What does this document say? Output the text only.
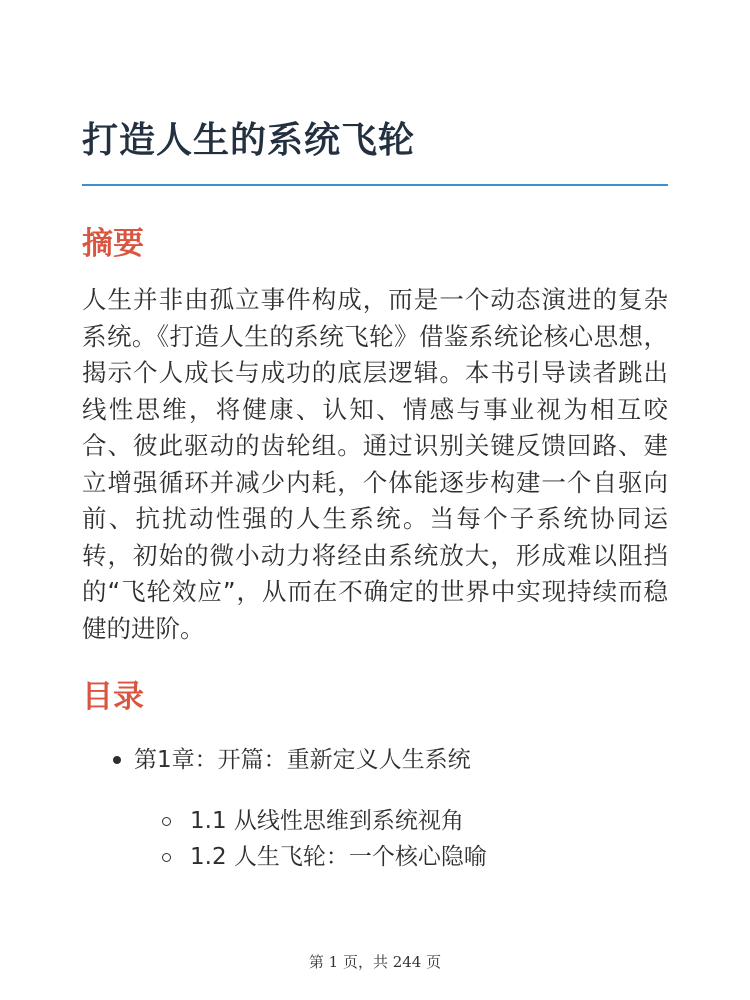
打造人生的系统飞轮
摘要

人生并非由孤立事件构成，而是一个动态演进的复杂系统。《打造人生的系统飞轮》借鉴系统论核心思想，揭示个人成长与成功的底层逻辑。本书引导读者跳出线性思维，将健康、认知、情感与事业视为相互咬合、彼此驱动的齿轮组。通过识别关键反馈回路、建立增强循环并减少内耗，个体能逐步构建一个自驱向前、抗扰动性强的人生系统。当每个子系统协同运转，初始的微小动力将经由系统放大，形成难以阻挡的“飞轮效应”，从而在不确定的世界中实现持续而稳健的进阶。

目录
第1章：开篇：重新定义人生系统
1.1 从线性思维到系统视角
1.2 人生飞轮：一个核心隐喻
第 1 页，共 244 页
